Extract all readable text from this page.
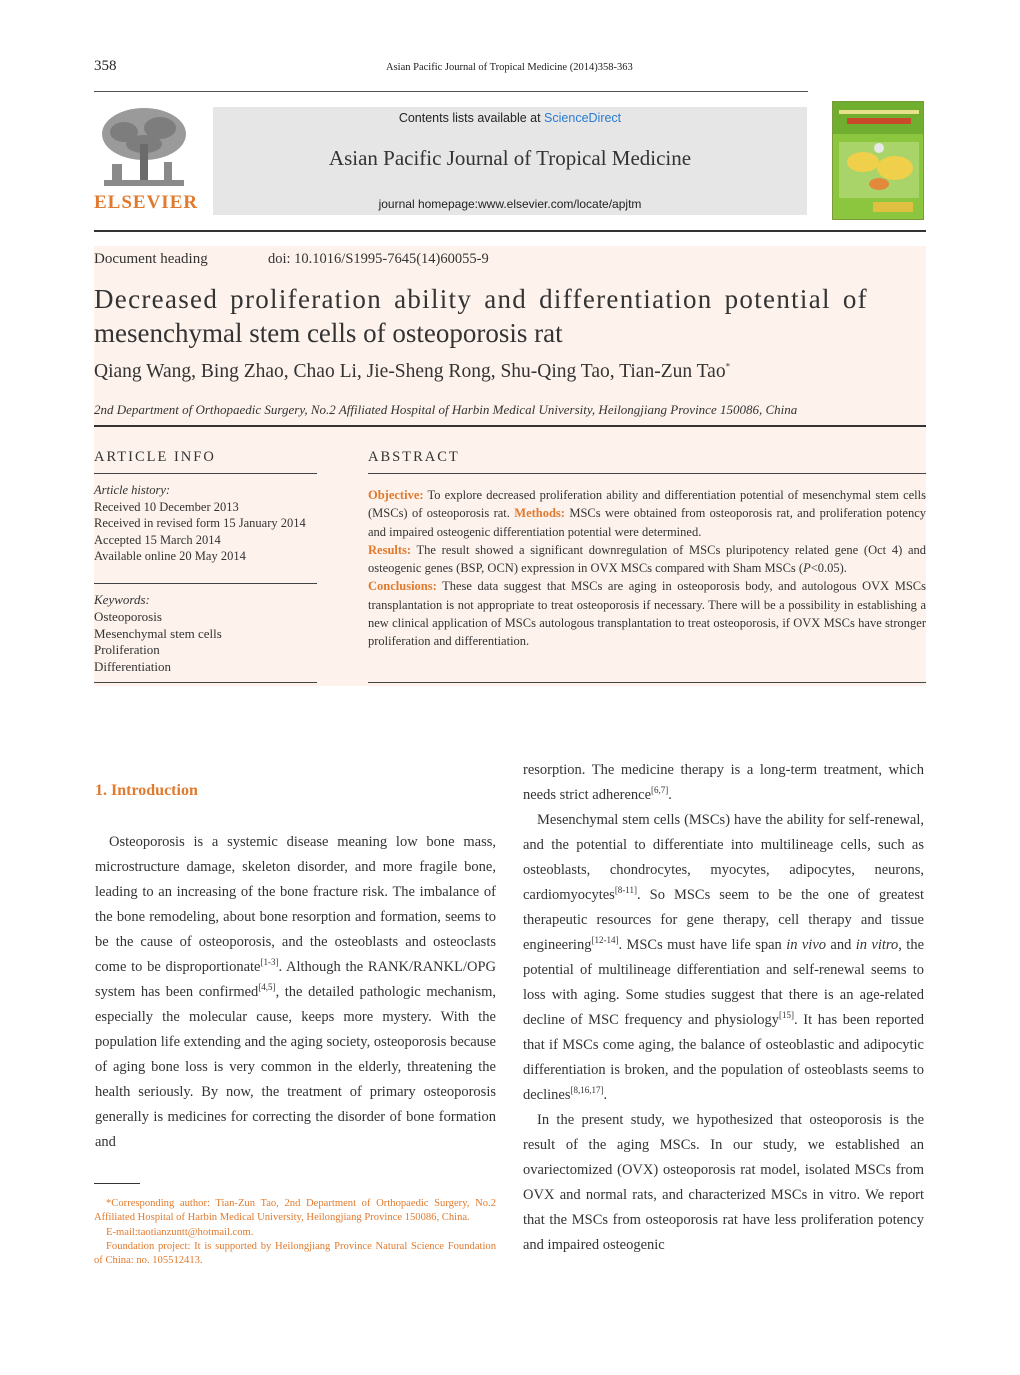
358	Asian Pacific Journal of Tropical Medicine (2014)358-363
ELSEVIER
Contents lists available at ScienceDirect
Asian Pacific Journal of Tropical Medicine
journal homepage:www.elsevier.com/locate/apjtm
Document heading	doi: 10.1016/S1995-7645(14)60055-9
Decreased proliferation ability and differentiation potential of
mesenchymal stem cells of osteoporosis rat
Qiang Wang, Bing Zhao, Chao Li, Jie-Sheng Rong, Shu-Qing Tao, Tian-Zun Tao*
2nd Department of Orthopaedic Surgery, No.2 Affiliated Hospital of Harbin Medical University, Heilongjiang Province 150086, China
ARTICLE INFO
Article history:
Received 10 December 2013
Received in revised form 15 January 2014
Accepted 15 March 2014
Available online 20 May 2014
Keywords:
Osteoporosis
Mesenchymal stem cells
Proliferation
Differentiation
ABSTRACT
Objective: To explore decreased proliferation ability and differentiation potential of mesenchymal stem cells (MSCs) of osteoporosis rat. Methods: MSCs were obtained from osteoporosis rat, and proliferation potency and impaired osteogenic differentiation potential were determined.
Results: The result showed a significant downregulation of MSCs pluripotency related gene (Oct 4) and osteogenic genes (BSP, OCN) expression in OVX MSCs compared with Sham MSCs (P<0.05).
Conclusions: These data suggest that MSCs are aging in osteoporosis body, and autologous OVX MSCs transplantation is not appropriate to treat osteoporosis if necessary. There will be a possibility in establishing a new clinical application of MSCs autologous transplantation to treat osteoporosis, if OVX MSCs have stronger proliferation and differentiation.
1. Introduction

Osteoporosis is a systemic disease meaning low bone mass, microstructure damage, skeleton disorder, and more fragile bone, leading to an increasing of the bone fracture risk. The imbalance of the bone remodeling, about bone resorption and formation, seems to be the cause of osteoporosis, and the osteoblasts and osteoclasts come to be disproportionate[1-3]. Although the RANK/RANKL/OPG system has been confirmed[4,5], the detailed pathologic mechanism, especially the molecular cause, keeps more mystery. With the population life extending and the aging society, osteoporosis because of aging bone loss is very common in the elderly, threatening the health seriously. By now, the treatment of primary osteoporosis generally is medicines for correcting the disorder of bone formation and

resorption. The medicine therapy is a long-term treatment, which needs strict adherence[6,7].

Mesenchymal stem cells (MSCs) have the ability for self-renewal, and the potential to differentiate into multilineage cells, such as osteoblasts, chondrocytes, myocytes, adipocytes, neurons, cardiomyocytes[8-11]. So MSCs seem to be the one of greatest therapeutic resources for gene therapy, cell therapy and tissue engineering[12-14]. MSCs must have life span in vivo and in vitro, the potential of multilineage differentiation and self-renewal seems to loss with aging. Some studies suggest that there is an age-related decline of MSC frequency and physiology[15]. It has been reported that if MSCs come aging, the balance of osteoblastic and adipocytic differentiation is broken, and the population of osteoblasts seems to declines[8,16,17].

In the present study, we hypothesized that osteoporosis is the result of the aging MSCs. In our study, we established an ovariectomized (OVX) osteoporosis rat model, isolated MSCs from OVX and normal rats, and characterized MSCs in vitro. We report that the MSCs from osteoporosis rat have less proliferation potency and impaired osteogenic

*Corresponding author: Tian-Zun Tao, 2nd Department of Orthopaedic Surgery, No.2 Affiliated Hospital of Harbin Medical University, Heilongjiang Province 150086, China.

E-mail:taotianzuntt@hotmail.com.

Foundation project: It is supported by Heilongjiang Province Natural Science Foundation of China: no. 105512413.
